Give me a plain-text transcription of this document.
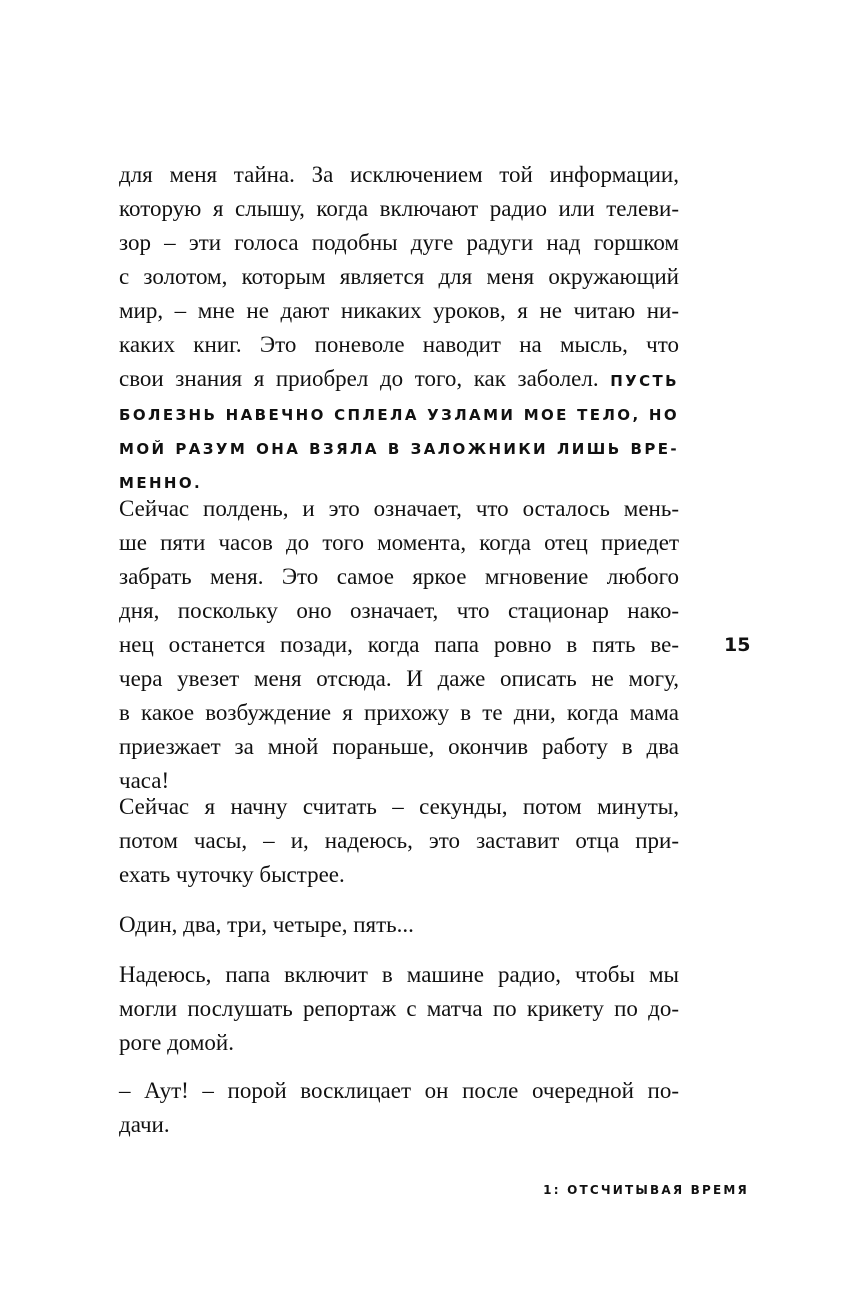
для меня тайна. За исключением той информации,
которую я слышу, когда включают радио или телеви-
зор – эти голоса подобны дуге радуги над горшком
с золотом, которым является для меня окружающий
мир, – мне не дают никаких уроков, я не читаю ни-
каких книг. Это поневоле наводит на мысль, что
свои знания я приобрел до того, как заболел. ПУСТЬ
БОЛЕЗНЬ НАВЕЧНО СПЛЕЛА УЗЛАМИ МОЕ ТЕЛО, НО
МОЙ РАЗУМ ОНА ВЗЯЛА В ЗАЛОЖНИКИ ЛИШЬ ВРЕ-
МЕННО.
Сейчас полдень, и это означает, что осталось мень-
ше пяти часов до того момента, когда отец приедет
забрать меня. Это самое яркое мгновение любого
дня, поскольку оно означает, что стационар нако-
нец останется позади, когда папа ровно в пять ве-
чера увезет меня отсюда. И даже описать не могу,
в какое возбуждение я прихожу в те дни, когда мама
приезжает за мной пораньше, окончив работу в два
часа!
Сейчас я начну считать – секунды, потом минуты,
потом часы, – и, надеюсь, это заставит отца при-
ехать чуточку быстрее.
Один, два, три, четыре, пять...
Надеюсь, папа включит в машине радио, чтобы мы
могли послушать репортаж с матча по крикету по до-
роге домой.
– Аут! – порой восклицает он после очередной по-
дачи.
15
1: ОТСЧИТЫВАЯ ВРЕМЯ
